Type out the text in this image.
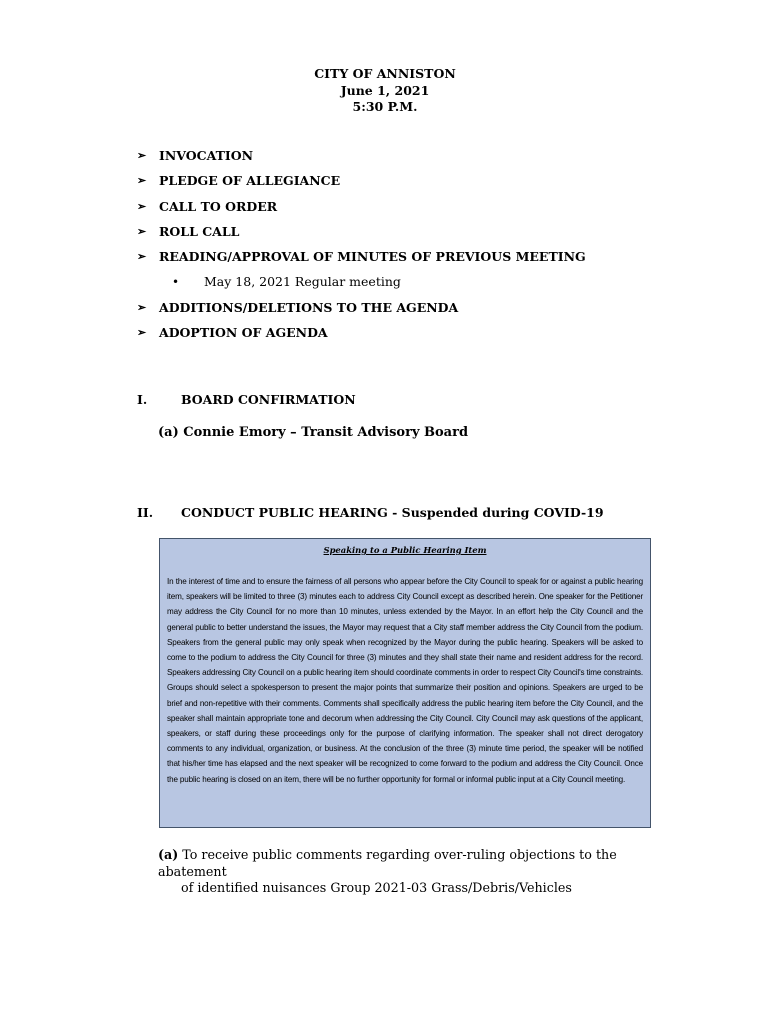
CITY OF ANNISTON
June 1, 2021
5:30 P.M.
➢ INVOCATION
➢ PLEDGE OF ALLEGIANCE
➢ CALL TO ORDER
➢ ROLL CALL
➢ READING/APPROVAL OF MINUTES OF PREVIOUS MEETING
• May 18, 2021 Regular meeting
➢ ADDITIONS/DELETIONS TO THE AGENDA
➢ ADOPTION OF AGENDA
I.	BOARD CONFIRMATION
(a) Connie Emory – Transit Advisory Board
II. CONDUCT PUBLIC HEARING - Suspended during COVID-19
Speaking to a Public Hearing Item
In the interest of time and to ensure the fairness of all persons who appear before the City Council to speak for or against a public hearing item, speakers will be limited to three (3) minutes each to address City Council except as described herein. One speaker for the Petitioner may address the City Council for no more than 10 minutes, unless extended by the Mayor. In an effort help the City Council and the general public to better understand the issues, the Mayor may request that a City staff member address the City Council from the podium. Speakers from the general public may only speak when recognized by the Mayor during the public hearing. Speakers will be asked to come to the podium to address the City Council for three (3) minutes and they shall state their name and resident address for the record. Speakers addressing City Council on a public hearing item should coordinate comments in order to respect City Council's time constraints. Groups should select a spokesperson to present the major points that summarize their position and opinions. Speakers are urged to be brief and non-repetitive with their comments. Comments shall specifically address the public hearing item before the City Council, and the speaker shall maintain appropriate tone and decorum when addressing the City Council. City Council may ask questions of the applicant, speakers, or staff during these proceedings only for the purpose of clarifying information. The speaker shall not direct derogatory comments to any individual, organization, or business. At the conclusion of the three (3) minute time period, the speaker will be notified that his/her time has elapsed and the next speaker will be recognized to come forward to the podium and address the City Council. Once the public hearing is closed on an item, there will be no further opportunity for formal or informal public input at a City Council meeting.
(a) To receive public comments regarding over-ruling objections to the abatement
of identified nuisances Group 2021-03 Grass/Debris/Vehicles
